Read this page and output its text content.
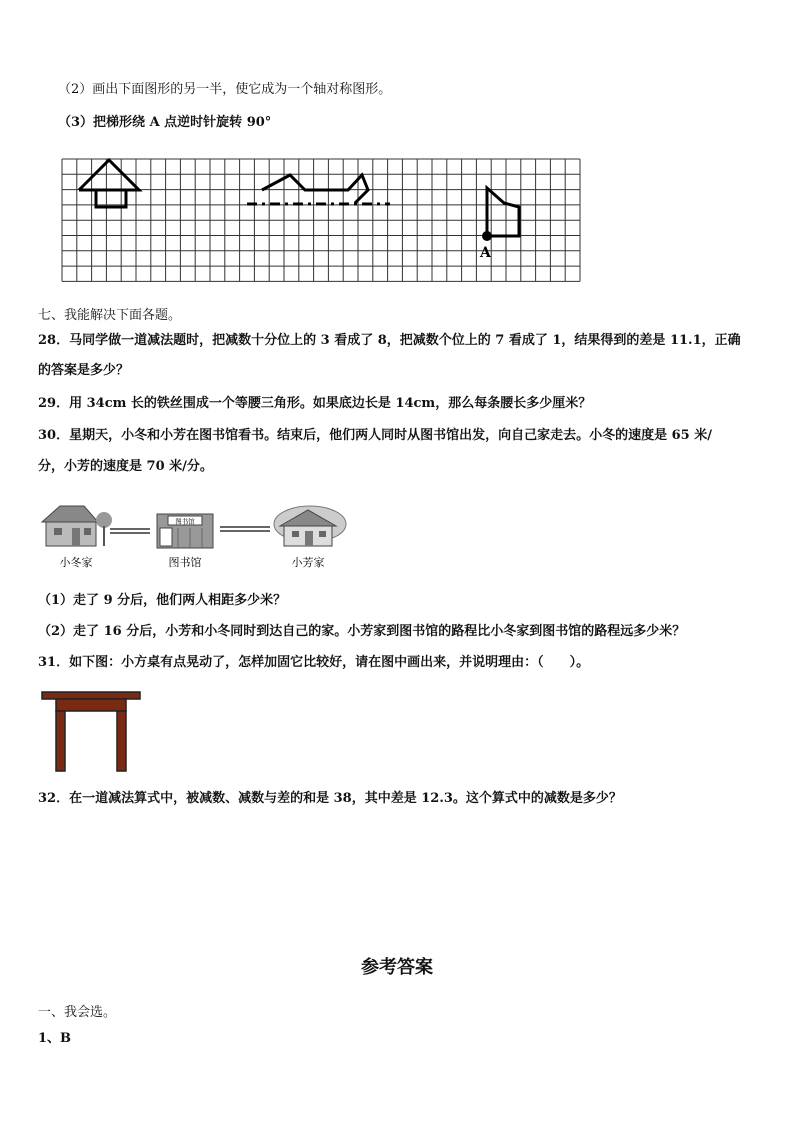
（2）画出下面图形的另一半，使它成为一个轴对称图形。
（3）把梯形绕 A 点逆时针旋转 90°
A
七、我能解决下面各题。
28．马同学做一道减法题时，把减数十分位上的 3 看成了 8，把减数个位上的 7 看成了 1，结果得到的差是 11.1，正确
的答案是多少？
29．用 34cm 长的铁丝围成一个等腰三角形。如果底边长是 14cm，那么每条腰长多少厘米？
30．星期天，小冬和小芳在图书馆看书。结束后，他们两人同时从图书馆出发，向自己家走去。小冬的速度是 65 米/
分，小芳的速度是 70 米/分。
图书馆
小冬家	图书馆	小芳家
（1）走了 9 分后，他们两人相距多少米？
（2）走了 16 分后，小芳和小冬同时到达自己的家。小芳家到图书馆的路程比小冬家到图书馆的路程远多少米？
31．如下图：小方桌有点晃动了，怎样加固它比较好，请在图中画出来，并说明理由：（　　）。
32．在一道减法算式中，被减数、减数与差的和是 38，其中差是 12.3。这个算式中的减数是多少？
参考答案
一、我会选。
1、B
